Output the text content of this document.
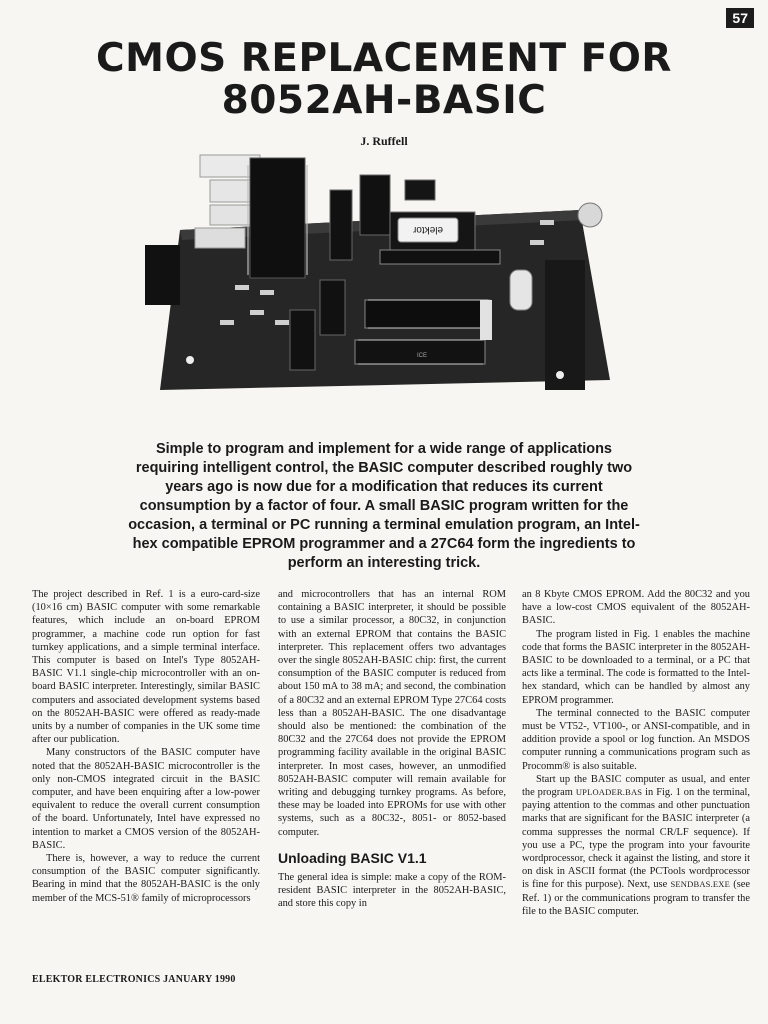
57
CMOS REPLACEMENT FOR
8052AH-BASIC
J. Ruffell
elektor
ICE

Simple to program and implement for a wide range of applications requiring intelligent control, the BASIC computer described roughly two years ago is now due for a modification that reduces its current consumption by a factor of four. A small BASIC program written for the occasion, a terminal or PC running a terminal emulation program, an Intel-hex compatible EPROM programmer and a 27C64 form the ingredients to perform an interesting trick.

The project described in Ref. 1 is a euro-card-size (10×16 cm) BASIC computer with some remarkable features, which include an on-board EPROM programmer, a machine code run option for fast turnkey applications, and a simple terminal interface. This computer is based on Intel's Type 8052AH-BASIC V1.1 single-chip microcontroller with an on-board BASIC interpreter. Interestingly, similar BASIC computers and associated development systems based on the 8052AH-BASIC were offered as ready-made units by a number of companies in the UK some time after our publication.

Many constructors of the BASIC computer have noted that the 8052AH-BASIC microcontroller is the only non-CMOS integrated circuit in the BASIC computer, and have been enquiring after a low-power equivalent to reduce the overall current consumption of the board. Unfortunately, Intel have expressed no intention to market a CMOS version of the 8052AH-BASIC.

There is, however, a way to reduce the current consumption of the BASIC computer significantly. Bearing in mind that the 8052AH-BASIC is the only member of the MCS-51® family of microprocessors

and microcontrollers that has an internal ROM containing a BASIC interpreter, it should be possible to use a similar processor, a 80C32, in conjunction with an external EPROM that contains the BASIC interpreter. This replacement offers two advantages over the single 8052AH-BASIC chip: first, the current consumption of the BASIC computer is reduced from about 150 mA to 38 mA; and second, the combination of a 80C32 and an external EPROM Type 27C64 costs less than a 8052AH-BASIC. The one disadvantage should also be mentioned: the combination of the 80C32 and the 27C64 does not provide the EPROM programming facility available in the original BASIC interpreter. In most cases, however, an unmodified 8052AH-BASIC computer will remain available for writing and debugging turnkey programs. As before, these may be loaded into EPROMs for use with other systems, such as a 80C32-, 8051- or 8052-based computer.

Unloading BASIC V1.1

The general idea is simple: make a copy of the ROM-resident BASIC interpreter in the 8052AH-BASIC, and store this copy in

an 8 Kbyte CMOS EPROM. Add the 80C32 and you have a low-cost CMOS equivalent of the 8052AH-BASIC.

The program listed in Fig. 1 enables the machine code that forms the BASIC interpreter in the 8052AH-BASIC to be downloaded to a terminal, or a PC that acts like a terminal. The code is formatted to the Intel-hex standard, which can be handled by almost any EPROM programmer.

The terminal connected to the BASIC computer must be VT52-, VT100-, or ANSI-compatible, and in addition provide a spool or log function. An MSDOS computer running a communications program such as Procomm® is also suitable.

Start up the BASIC computer as usual, and enter the program UPLOADER.BAS in Fig. 1 on the terminal, paying attention to the commas and other punctuation marks that are significant for the BASIC interpreter (a comma suppresses the normal CR/LF sequence). If you use a PC, type the program into your favourite wordprocessor, check it against the listing, and store it on disk in ASCII format (the PCTools wordprocessor is fine for this purpose). Next, use SENDBAS.EXE (see Ref. 1) or the communications program to transfer the file to the BASIC computer.

ELEKTOR ELECTRONICS JANUARY 1990
